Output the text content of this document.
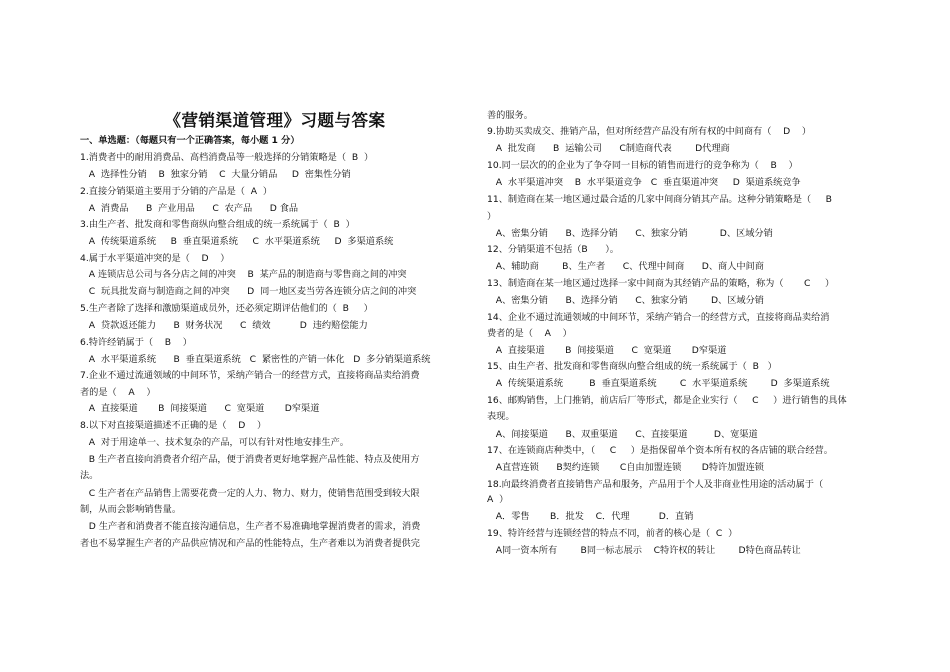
《营销渠道管理》习题与答案
一、单选题：（每题只有一个正确答案，每小题 1 分）
1.消费者中的耐用消费品、高档消费品等一般选择的分销策略是（  B  ）
A  选择性分销    B  独家分销    C  大量分销品     D  密集性分销
2.直接分销渠道主要用于分销的产品是（  A  ）
A  消费品      B  产业用品      C  农产品      D 食品
3.由生产者、批发商和零售商纵向整合组成的统一系统属于（  B  ）
A  传统渠道系统     B  垂直渠道系统     C  水平渠道系统     D  多渠道系统
4.属于水平渠道冲突的是（    D    ）
A 连锁店总公司与各分店之间的冲突    B  某产品的制造商与零售商之间的冲突
C  玩具批发商与制造商之间的冲突      D  同一地区麦当劳各连锁分店之间的冲突
5.生产者除了选择和激励渠道成员外，还必须定期评估他们的（  B     ）
A  贷款返还能力      B  财务状况      C  绩效          D  违约赔偿能力
6.特许经销属于（    B    ）
A  水平渠道系统      B  垂直渠道系统   C  紧密性的产销一体化   D  多分销渠道系统
7.企业不通过流通领域的中间环节，采纳产销合一的经营方式，直接将商品卖给消费
者的是（    A    ）
A  直接渠道       B  间接渠道      C  宽渠道       D窄渠道
8.以下对直接渠道描述不正确的是（    D    ）
A  对于用途单一、技术复杂的产品，可以有针对性地安排生产。
B 生产者直接向消费者介绍产品，便于消费者更好地掌握产品性能、特点及使用方
法。
C 生产者在产品销售上需要花费一定的人力、物力、财力，使销售范围受到较大限
制，从而会影响销售量。
D 生产者和消费者不能直接沟通信息，生产者不易准确地掌握消费者的需求，消费
者也不易掌握生产者的产品供应情况和产品的性能特点，生产者难以为消费者提供完
善的服务。
9.协助买卖成交、推销产品，但对所经营产品没有所有权的中间商有（    D    ）
A  批发商      B  运输公司      C制造商代表        D代理商
10.同一层次的的企业为了争夺同一目标的销售而进行的竞争称为（    B    ）
A  水平渠道冲突    B  水平渠道竞争   C  垂直渠道冲突     D  渠道系统竞争
11、制造商在某一地区通过最合适的几家中间商分销其产品。这种分销策略是（     B
）
A、密集分销      B、选择分销      C、独家分销           D、区域分销
12、分销渠道不包括（B      ）。
A、辅助商        B、生产者      C、代理中间商      D、商人中间商
13、制造商在某一地区通过选择一家中间商为其经销产品的策略，称为（       C     ）
A、密集分销      B、选择分销      C、独家分销        D、区域分销
14、企业不通过流通领域的中间环节，采纳产销合一的经营方式，直接将商品卖给消
费者的是（    A    ）
A  直接渠道       B  间接渠道      C  宽渠道       D窄渠道
15、由生产者、批发商和零售商纵向整合组成的统一系统属于（  B   ）
A  传统渠道系统         B  垂直渠道系统        C  水平渠道系统        D  多渠道系统
16、邮购销售，上门推销，前店后厂等形式，都是企业实行（     C     ）进行销售的具体
表现。
A、间接渠道      B、双重渠道      C、直接渠道         D、宽渠道
17、在连锁商店种类中，（     C     ）是指保留单个资本所有权的各店铺的联合经营。
A直营连锁      B契约连锁       C自由加盟连锁       D特许加盟连锁
18.向最终消费者直接销售产品和服务，产品用于个人及非商业性用途的活动属于（
A  ）
A．零售       B．批发    C．代理          D．直销
19、特许经营与连锁经营的特点不同，前者的核心是（  C  ）
A同一资本所有        B同一标志展示    C特许权的转让        D特色商品转让
